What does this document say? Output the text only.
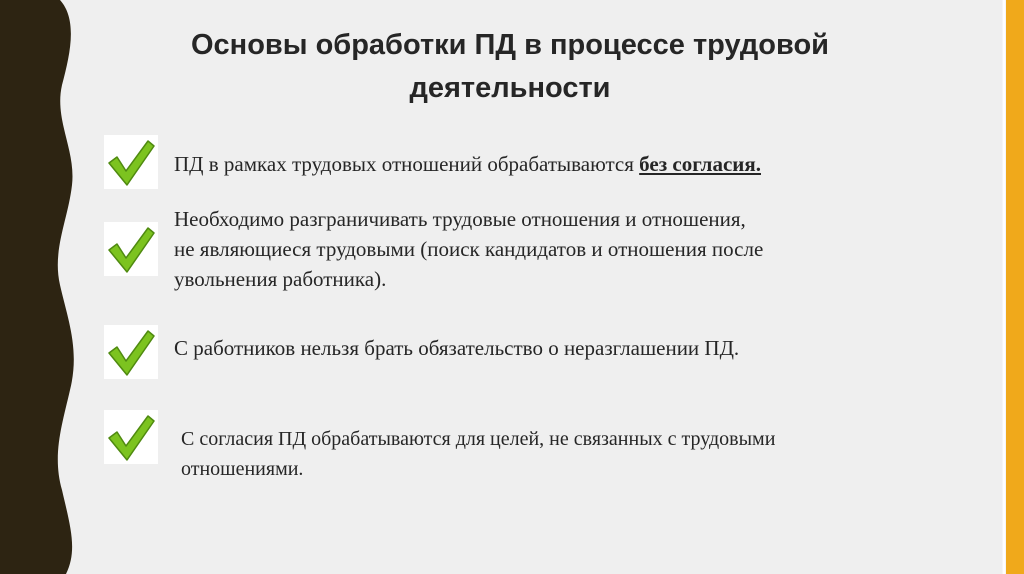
Основы обработки ПД в процессе трудовой
деятельности
ПД в рамках трудовых отношений обрабатываются без согласия.
Необходимо разграничивать трудовые отношения и отношения,
не являющиеся трудовыми (поиск кандидатов и отношения после
увольнения работника).
С работников нельзя брать обязательство о неразглашении ПД.
С согласия ПД обрабатываются для целей, не связанных с трудовыми
отношениями.
